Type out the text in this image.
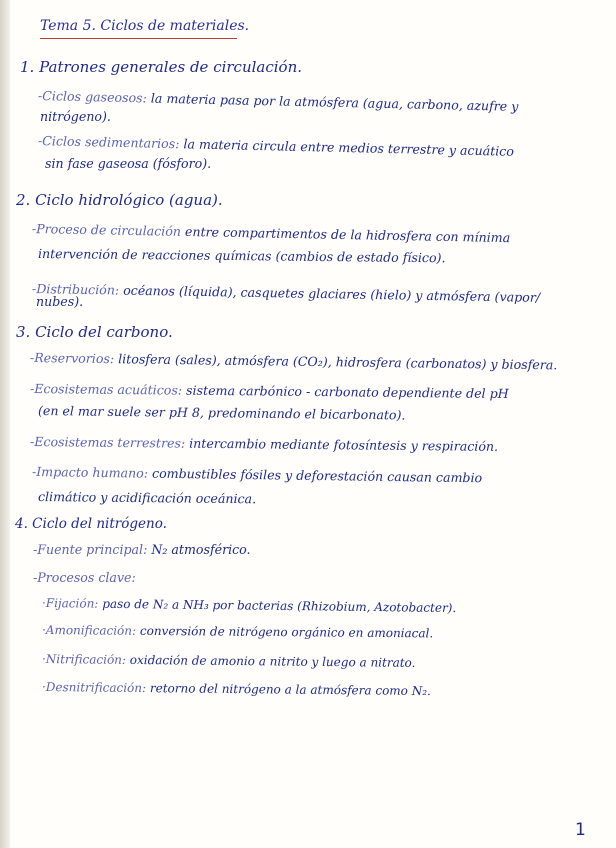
Tema 5. Ciclos de materiales.
1. Patrones generales de circulación.
-Ciclos gaseosos: la materia pasa por la atmósfera (agua, carbono, azufre y
nitrógeno).
-Ciclos sedimentarios: la materia circula entre medios terrestre y acuático
sin fase gaseosa (fósforo).
2. Ciclo hidrológico (agua).
-Proceso de circulación entre compartimentos de la hidrosfera con mínima
intervención de reacciones químicas (cambios de estado físico).
-Distribución: océanos (líquida), casquetes glaciares (hielo) y atmósfera (vapor/
nubes).
3. Ciclo del carbono.
-Reservorios: litosfera (sales), atmósfera (CO₂), hidrosfera (carbonatos) y biosfera.
-Ecosistemas acuáticos: sistema carbónico - carbonato dependiente del pH
(en el mar suele ser pH 8, predominando el bicarbonato).
-Ecosistemas terrestres: intercambio mediante fotosíntesis y respiración.
-Impacto humano: combustibles fósiles y deforestación causan cambio
climático y acidificación oceánica.
4. Ciclo del nitrógeno.
-Fuente principal: N₂ atmosférico.
-Procesos clave:
·Fijación: paso de N₂ a NH₃ por bacterias (Rhizobium, Azotobacter).
·Amonificación: conversión de nitrógeno orgánico en amoniacal.
·Nitrificación: oxidación de amonio a nitrito y luego a nitrato.
·Desnitrificación: retorno del nitrógeno a la atmósfera como N₂.
1
